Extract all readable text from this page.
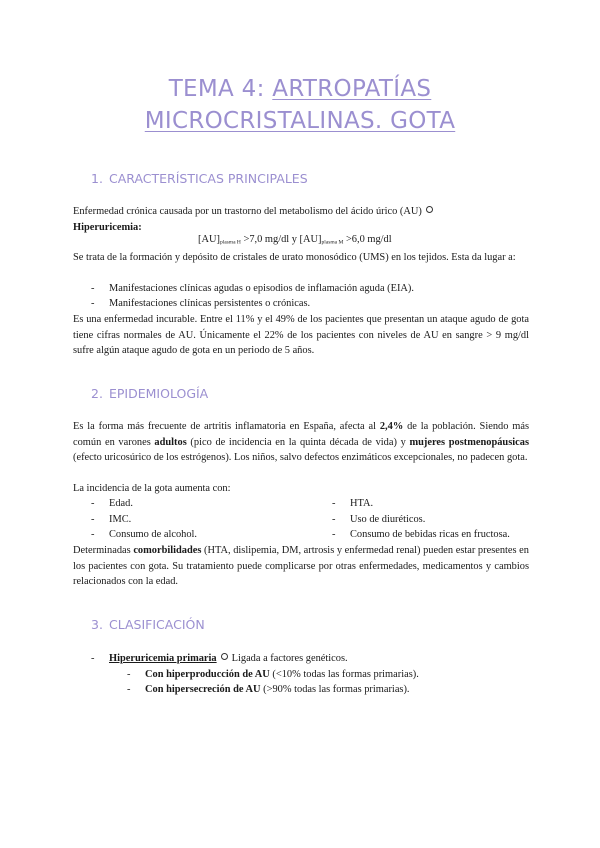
TEMA 4: ARTROPATÍAS
MICROCRISTALINAS. GOTA
1. CARACTERÍSTICAS PRINCIPALES
Enfermedad crónica causada por un trastorno del metabolismo del ácido úrico (AU)
Hiperuricemia:
$[AU]_{plasma H} >7,0$ mg/dl y $[AU]_{plasma M} >6,0$ mg/dl
Se trata de la formación y depósito de cristales de urato monosódico (UMS) en los tejidos. Esta da lugar a:
- Manifestaciones clínicas agudas o episodios de inflamación aguda (EIA).
- Manifestaciones clínicas persistentes o crónicas.
Es una enfermedad incurable. Entre el 11% y el 49% de los pacientes que presentan un ataque agudo de gota tiene cifras normales de AU. Únicamente el 22% de los pacientes con niveles de AU en sangre > 9 mg/dl sufre algún ataque agudo de gota en un periodo de 5 años.
2. EPIDEMIOLOGÍA
Es la forma más frecuente de artritis inflamatoria en España, afecta al 2,4% de la población. Siendo más común en varones adultos (pico de incidencia en la quinta década de vida) y mujeres postmenopáusicas (efecto uricosúrico de los estrógenos). Los niños, salvo defectos enzimáticos excepcionales, no padecen gota.
La incidencia de la gota aumenta con:
- Edad.
- IMC.
- Consumo de alcohol.
- HTA.
- Uso de diuréticos.
- Consumo de bebidas ricas en fructosa.
Determinadas comorbilidades (HTA, dislipemia, DM, artrosis y enfermedad renal) pueden estar presentes en los pacientes con gota. Su tratamiento puede complicarse por otras enfermedades, medicamentos y cambios relacionados con la edad.
3. CLASIFICACIÓN
- Hiperuricemia primaria Ligada a factores genéticos.
- Con hiperproducción de AU (<10% todas las formas primarias).
- Con hipersecreción de AU (>90% todas las formas primarias).
